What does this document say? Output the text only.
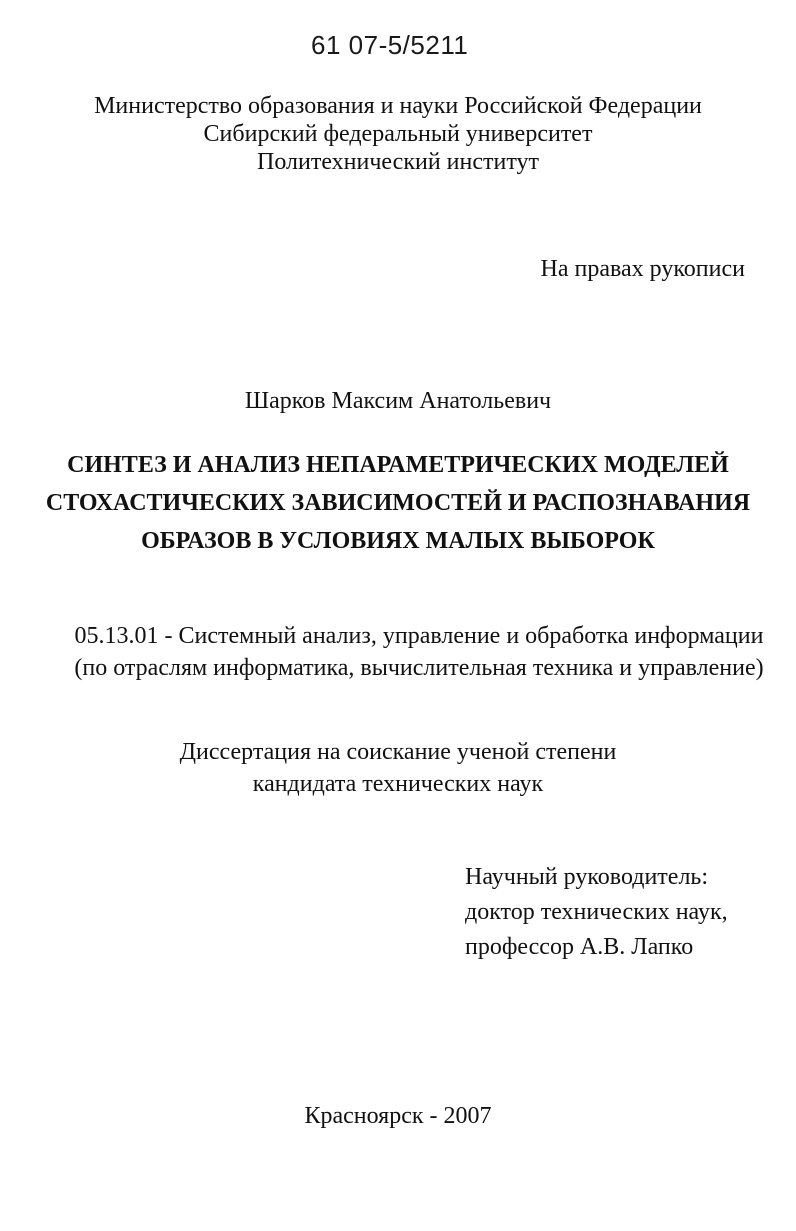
61 07-5/5211
Министерство образования и науки Российской Федерации
Сибирский федеральный университет
Политехнический институт
На правах рукописи
Шарков Максим Анатольевич
СИНТЕЗ И АНАЛИЗ НЕПАРАМЕТРИЧЕСКИХ МОДЕЛЕЙ
СТОХАСТИЧЕСКИХ ЗАВИСИМОСТЕЙ И РАСПОЗНАВАНИЯ
ОБРАЗОВ В УСЛОВИЯХ МАЛЫХ ВЫБОРОК
05.13.01 - Системный анализ, управление и обработка информации
(по отраслям информатика, вычислительная техника и управление)
Диссертация на соискание ученой степени
кандидата технических наук
Научный руководитель:
доктор технических наук,
профессор А.В. Лапко
Красноярск - 2007
